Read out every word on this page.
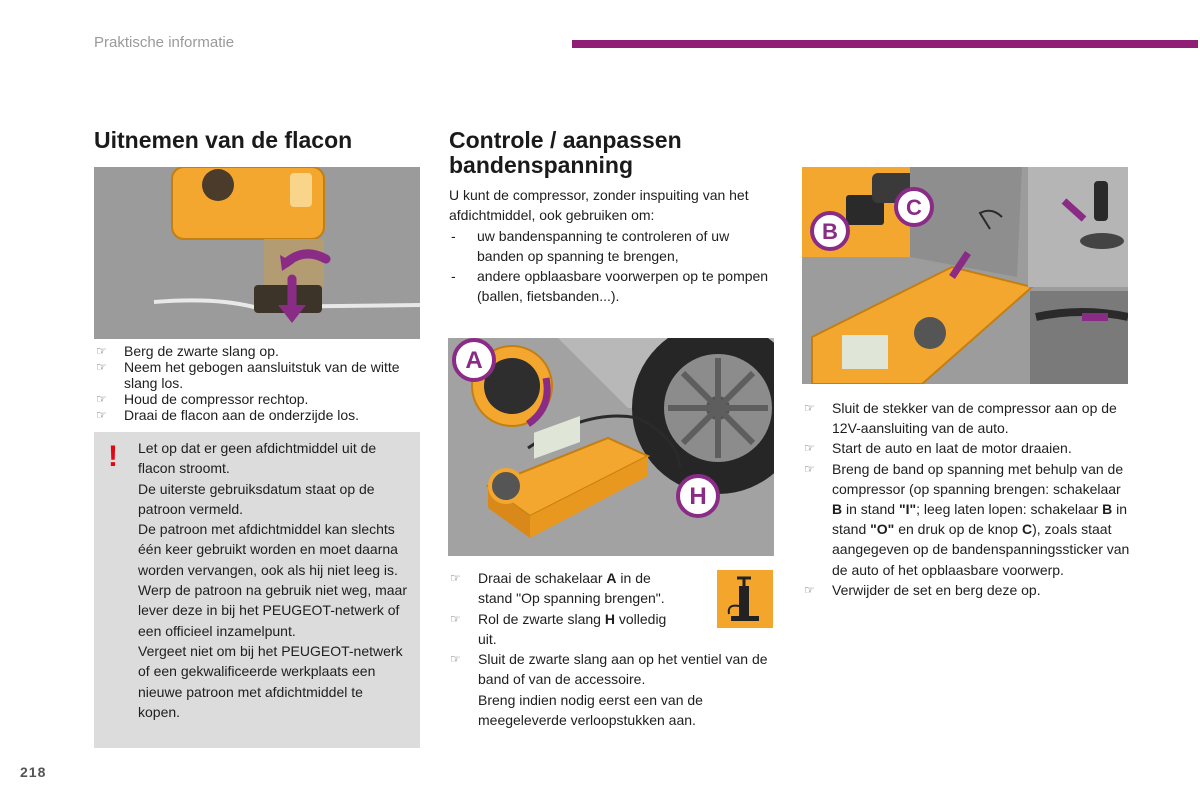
Praktische informatie
Uitnemen van de flacon
☞ Berg de zwarte slang op.
☞ Neem het gebogen aansluitstuk van de witte slang los.
☞ Houd de compressor rechtop.
☞ Draai de flacon aan de onderzijde los.
! Let op dat er geen afdichtmiddel uit de flacon stroomt.

De uiterste gebruiksdatum staat op de patroon vermeld.

De patroon met afdichtmiddel kan slechts één keer gebruikt worden en moet daarna worden vervangen, ook als hij niet leeg is.

Werp de patroon na gebruik niet weg, maar lever deze in bij het PEUGEOT-netwerk of een officieel inzamelpunt.

Vergeet niet om bij het PEUGEOT-netwerk of een gekwalificeerde werkplaats een nieuwe patroon met afdichtmiddel te kopen.

Controle / aanpassen bandenspanning

U kunt de compressor, zonder inspuiting van het afdichtmiddel, ook gebruiken om:

- uw bandenspanning te controleren of uw banden op spanning te brengen,
- andere opblaasbare voorwerpen op te pompen (ballen, fietsbanden...).
A
H
☞ Draai de schakelaar A in de stand "Op spanning brengen".
☞ Rol de zwarte slang H volledig uit.
☞ Sluit de zwarte slang aan op het ventiel van de band of van de accessoire.
Breng indien nodig eerst een van de meegeleverde verloopstukken aan.
B
C
☞ Sluit de stekker van de compressor aan op de 12V-aansluiting van de auto.
☞ Start de auto en laat de motor draaien.
☞ Breng de band op spanning met behulp van de compressor (op spanning brengen: schakelaar B in stand "I"; leeg laten lopen: schakelaar B in stand "O" en druk op de knop C), zoals staat aangegeven op de bandenspanningssticker van de auto of het opblaasbare voorwerp.
☞ Verwijder de set en berg deze op.
218
